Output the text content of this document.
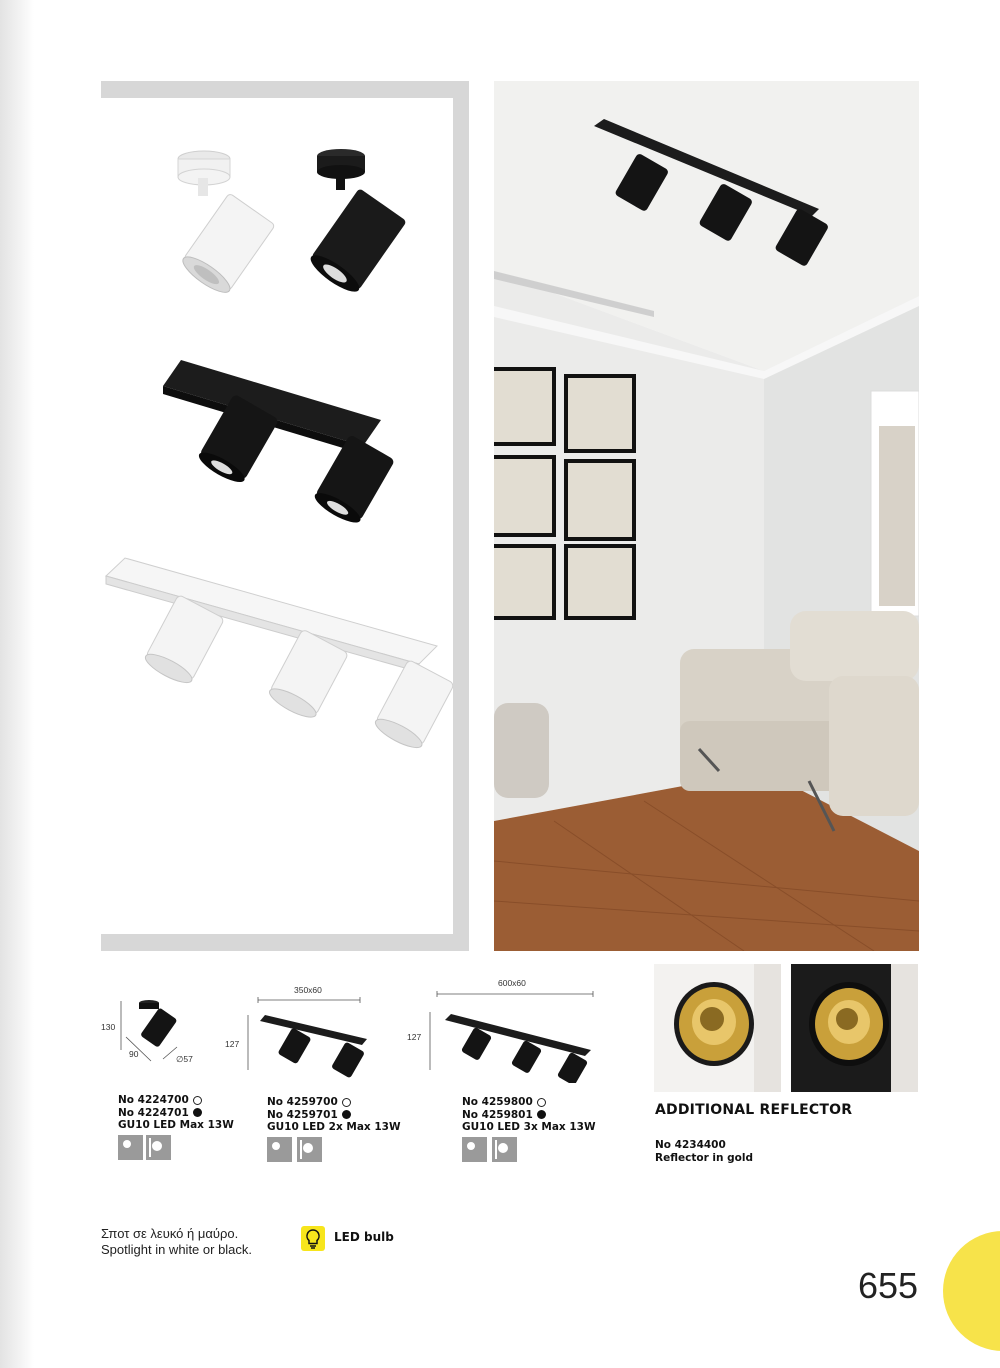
130
90	∅57
No 4224700
No 4224701
GU10 LED Max 13W
350x60
127
No 4259700
No 4259701
GU10 LED 2x Max 13W
600x60
127
No 4259800
No 4259801
GU10 LED 3x Max 13W
ADDITIONAL REFLECTOR
No 4234400
Reflector in gold
Σποτ σε λευκό ή μαύρο.
Spotlight in white or black.
LED bulb
655
